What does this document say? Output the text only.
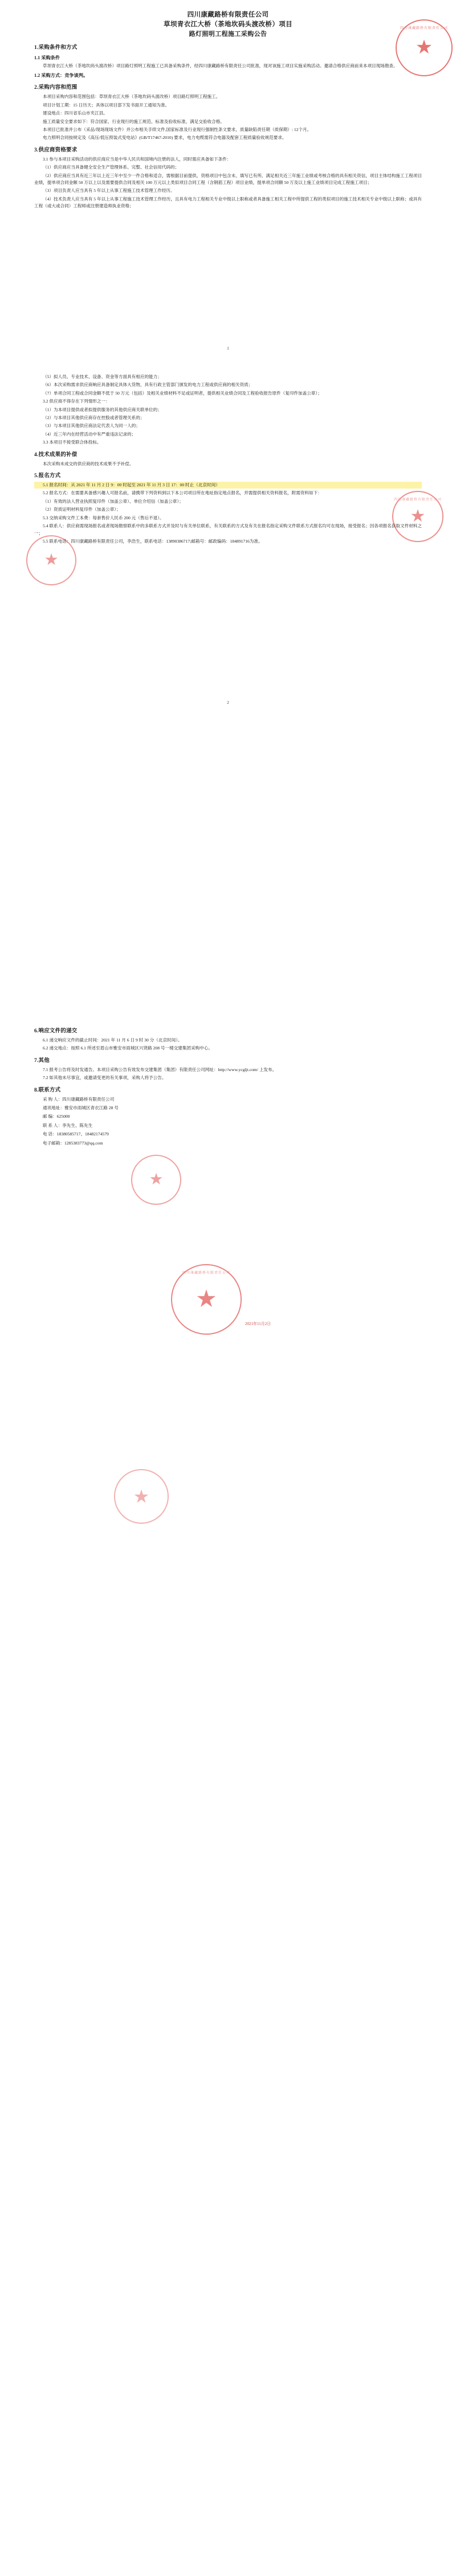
四川康藏路桥有限责任公司
草坝青衣江大桥（茶地坎码头渡改桥）项目
路灯照明工程施工采购公告
1.采购条件和方式
1.1 采购条件

草坝青衣江大桥（茶地坎码头渡改桥）项目路灯照明工程施工已具备采购条件，经四川康藏路桥有限责任公司批准，现对该施工项目实施采购活动。邀请合格供应商前来本项目现场勘查。

1.2 采购方式：竞争谈判。
2.采购内容和范围

本项目采购内容和范围包括：草坝青衣江大桥（茶地坎码头渡改桥）项目路灯照明工程施工。

项目计划工期：15 日历天；具体以项目部下发书面开工通知为准。

建设地点：四川省乐山市夹江县。

施工质量安全要求如下：符合国家、行业现行的施工规范、标准及验收标准，满足交验收合格。

本项目已批准并公布（采品/现场现场文件）并公布相关手续文件,国家标准及行业现行强制性条文要求，质量缺陷责任期（质保期）: 12个月。

电力照明合同按规定及《高压/低压预装式变电站》(GB/T17467-2010) 要求，电力电缆需符合电器及配套工程质量验收规范要求。

3.供应商资格要求

3.1 参与本项目采购活动的供应商应当是中华人民共和国境内注册的法人，同时需应具备如下条件：

（1）供应商应当具备健全安全生产管理体系、完整、社会信用代码的；

（2）供应商应当具有近三年以上近三年中至少一件合格和适合，需根据目前提供，资格项目中包含未、填写已有所、满足相关近三年施工业绩或考核合格的具有相关资信，项目主体结构施工工程项目业绩，提单项合同金额 50 万以上以及需要提供合同及相关 100 万元以上类似项目合同工程（含钢筋工程）项目业绩，提单项合同额 50 万及以上施工业绩项目完成工程施工项目；

（3）项目负责人应当具有 5 年以上从事工程施工技术管理工作经历。

（4）技术负责人应当具有 5 年以上从事工程施工技术管理工作经历，且具有电力工程相关专业中级以上职称或者具备施工相关工程中所提供工程的类似项目的施工技术相关专业中级以上职称；或具有工程（或大或合同）工程师或注册建造师执业资格；

四川康藏路桥有限责任公司
★
1

（5）拟人员、专业技术、设备、资金等方面具有相应的能力；

（6）本次采购需求供应商响应具备制定具体大货物，具有行政主管部门颁发的电力工程或供应商的相关资质；

（7）单项合同工程或合同金额不低于 50 万元（包括）及相关业绩材料不足或证明者，提供相关业绩合同及工程验收报告原件（复印件加盖公章）；

3.2 供应商不得存在下列情形之一：

（1）为本项目提供或者拟提供服务的其他供应商关联单位的；

（2）与本项目其他供应商存在控股或者管理关系的；

（3）与本项目其他供应商法定代表人为同一人的；

（4）近三年内在经营活动中有严重违法记录的；

3.3 本项目不接受联合体投标。

4.技术成果的补偿

本次采购未成交的供应商的技术成果不予补偿。

5.报名方式

5.1 报名时间：从 2021 年 11 月 2 日 9：00 时起至 2021 年 11 月 3 日 17：00 时止（北京时间）

5.2 报名方式：在需要具备感兴趣人可报名前，请携带下列资料到以下本公司项目所在地址指定地点报名，并需提供相关资料报名，附需资料如下：

（1）有效的法人营业执照复印件（加盖公章）、单位介绍信（加盖公章）；

（2）资质证明材料复印件（加盖公章）；

5.3 交纳采购文件工本费：每套售价人民币 200 元（售后不退）。

5.4 联系人：供应商需现场报名或者现场勘察联系中的多联系方式并及时与有关单位联系，有关联系的方式及有关在报名指定采购文件联系方式报名均可在现场，接受报名；因各项报名获取文件材料之一；

5.5 联系电话：四川康藏路桥有限责任公司，李浩生，联系电话：13890386717;邮箱号：邮政编码：184891716为准。

四川康藏路桥有限责任公司
★
★
2
6.响应文件的递交

6.1 递交响应文件的截止时间：2021 年 11 月 6 日 9 时 30 分（北京时间）。

6.2 递交地点：按照 6.1 所述至眉山市雅安市雨城区兴贤路 208 号一楼交建集团采购中心。

7.其他

7.1 报考公告将及时发通告。本项目采购公告有效发布交建集团（集团）有限责任公司网址：http://www.ycgljt.com/ 上发布。

7.2 如其他未尽事宜，或邀请变更的有关事项，采购人将予公告。

8.联系方式

采 购 人：四川康藏路桥有限责任公司

通讯地址：雅安市雨城区青衣江路 28 号

邮 编：625000

联 系 人：李先生、陈先生

电 话：18380585717、18482174579

电子邮箱：1285383773@qq.com

四川康藏路桥有限责任公司
★
★
2021年11月2日
★
